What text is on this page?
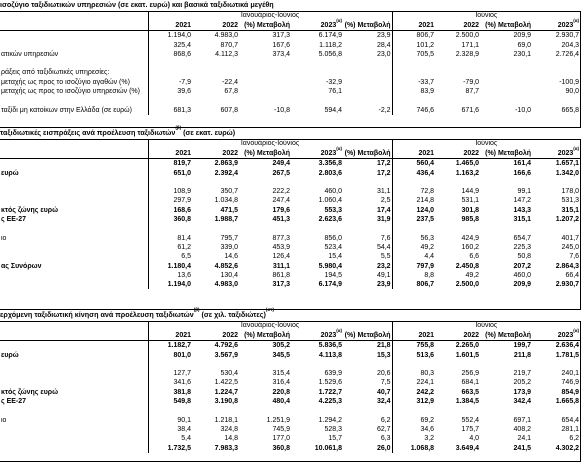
ισοζύγιο ταξιδιωτικών υπηρεσιών (σε εκατ. ευρώ) και βασικά ταξιδιωτικά μεγέθη
	Ιανουάριος-Ιούνιος					Ιούνιος			
	2021	2022	(%) Μεταβολή	$2023^{(\alpha)}$	(%) Μεταβολή	2021	2022	(%) Μεταβολή	$2023^{(\alpha)}$
	1.194,0	4.983,0	317,3	6.174,9	23,9	806,7	2.500,0	209,9	2.930,7
	325,4	870,7	167,6	1.118,2	28,4	101,2	171,1	69,0	204,3
ατικών υπηρεσιών	868,6	4.112,3	373,4	5.056,8	23,0	705,5	2.328,9	230,1	2.726,4

ράξεις από ταξιδιωτικές υπηρεσίες:									
μεταχής ως προς το ισοζύγιο αγαθών (%)	-7,9	-22,4		-32,9		-33,7	-79,0		-100,9
μεταχής ως προς το ισοζύγιο υπηρεσιών (%)	39,6	67,8		76,1		83,9	87,7		90,0

ταξίδι μη κατοίκων στην Ελλάδα (σε ευρώ)	681,3	607,8	-10,8	594,4	-2,2	746,6	671,6	-10,0	665,8
ταξιδιωτικές εισπράξεις ανά προέλευση ταξιδιωτών$^{(\beta)}$ (σε εκατ. ευρώ)
	Ιανουάριος-Ιούνιος					Ιούνιος			
	2021	2022	(%) Μεταβολή	$2023^{(\alpha)}$	(%) Μεταβολή	2021	2022	(%) Μεταβολή	$2023^{(\alpha)}$
	819,7	2.863,9	249,4	3.356,8	17,2	560,4	1.465,0	161,4	1.657,1
ευρώ	651,0	2.392,4	267,5	2.803,6	17,2	436,4	1.163,2	166,6	1.342,0

	108,9	350,7	222,2	460,0	31,1	72,8	144,9	99,1	178,0
	297,9	1.034,8	247,4	1.060,4	2,5	214,8	531,1	147,2	531,3
κτός ζώνης ευρώ	168,6	471,5	179,6	553,3	17,4	124,0	301,8	143,3	315,1
ς ΕΕ-27	360,8	1.988,7	451,3	2.623,6	31,9	237,5	985,8	315,1	1.207,2

ιο	81,4	795,7	877,3	856,0	7,6	56,3	424,9	654,7	401,7
	61,2	339,0	453,9	523,4	54,4	49,2	160,2	225,3	245,0
	6,5	14,6	126,4	15,4	5,5	4,4	6,6	50,8	7,6
ας Συνόρων	1.180,4	4.852,6	311,1	5.980,4	23,2	797,9	2.450,8	207,2	2.864,3
	13,6	130,4	861,8	194,5	49,1	8,8	49,2	460,0	66,4
	1.194,0	4.983,0	317,3	6.174,9	23,9	806,7	2.500,0	209,9	2.930,7
ερχόμενη ταξιδιωτική κίνηση ανά προέλευση ταξιδιωτών$^{(\beta)}$ (σε χιλ. ταξιδιώτες)$^{(\sigma\tau)}$
	Ιανουάριος-Ιούνιος					Ιούνιος			
	2021	2022	(%) Μεταβολή	$2023^{(\alpha)}$	(%) Μεταβολή	2021	2022	(%) Μεταβολή	$2023^{(\alpha)}$
	1.182,7	4.792,6	305,2	5.836,5	21,8	755,8	2.265,0	199,7	2.636,4
ευρώ	801,0	3.567,9	345,5	4.113,8	15,3	513,6	1.601,5	211,8	1.781,5

	127,7	530,4	315,4	639,9	20,6	80,3	256,9	219,7	240,1
	341,6	1.422,5	316,4	1.529,6	7,5	224,1	684,1	205,2	746,9
κτός ζώνης ευρώ	381,8	1.224,7	220,8	1.722,7	40,7	242,2	663,5	173,9	854,9
ς ΕΕ-27	549,8	3.190,8	480,4	4.225,3	32,4	312,9	1.384,5	342,4	1.665,8

ιο	90,1	1.218,1	1.251,9	1.294,2	6,2	69,2	552,4	697,1	654,4
	38,4	324,8	745,9	528,3	62,7	34,6	175,7	408,2	281,1
	5,4	14,8	177,0	15,7	6,3	3,2	4,0	24,1	6,2
	1.732,5	7.983,3	360,8	10.061,8	26,0	1.068,8	3.649,4	241,5	4.302,2
